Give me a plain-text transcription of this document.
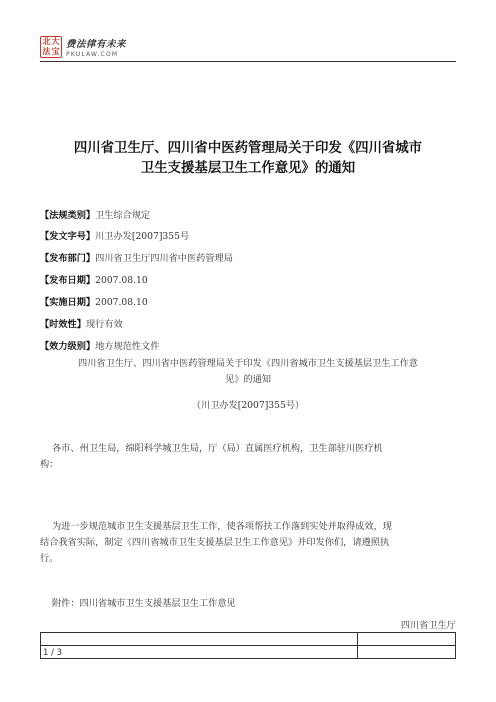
北 大
法 宝
费法律有未来
PKULAW.COM
四川省卫生厅、四川省中医药管理局关于印发《四川省城市
卫生支援基层卫生工作意见》的通知
【法规类别】卫生综合规定
【发文字号】川卫办发[2007]355号
【发布部门】四川省卫生厅四川省中医药管理局
【发布日期】2007.08.10
【实施日期】2007.08.10
【时效性】现行有效
【效力级别】地方规范性文件

四川省卫生厅、四川省中医药管理局关于印发《四川省城市卫生支援基层卫生工作意
见》的通知

（川卫办发[2007]355号）

各市、州卫生局，绵阳科学城卫生局，厅（局）直属医疗机构，卫生部驻川医疗机
构：

为进一步规范城市卫生支援基层卫生工作，使各项帮扶工作落到实处并取得成效，现
结合我省实际，制定《四川省城市卫生支援基层卫生工作意见》并印发你们，请遵照执
行。

附件：四川省城市卫生支援基层卫生工作意见

四川省卫生厅

1 / 3
